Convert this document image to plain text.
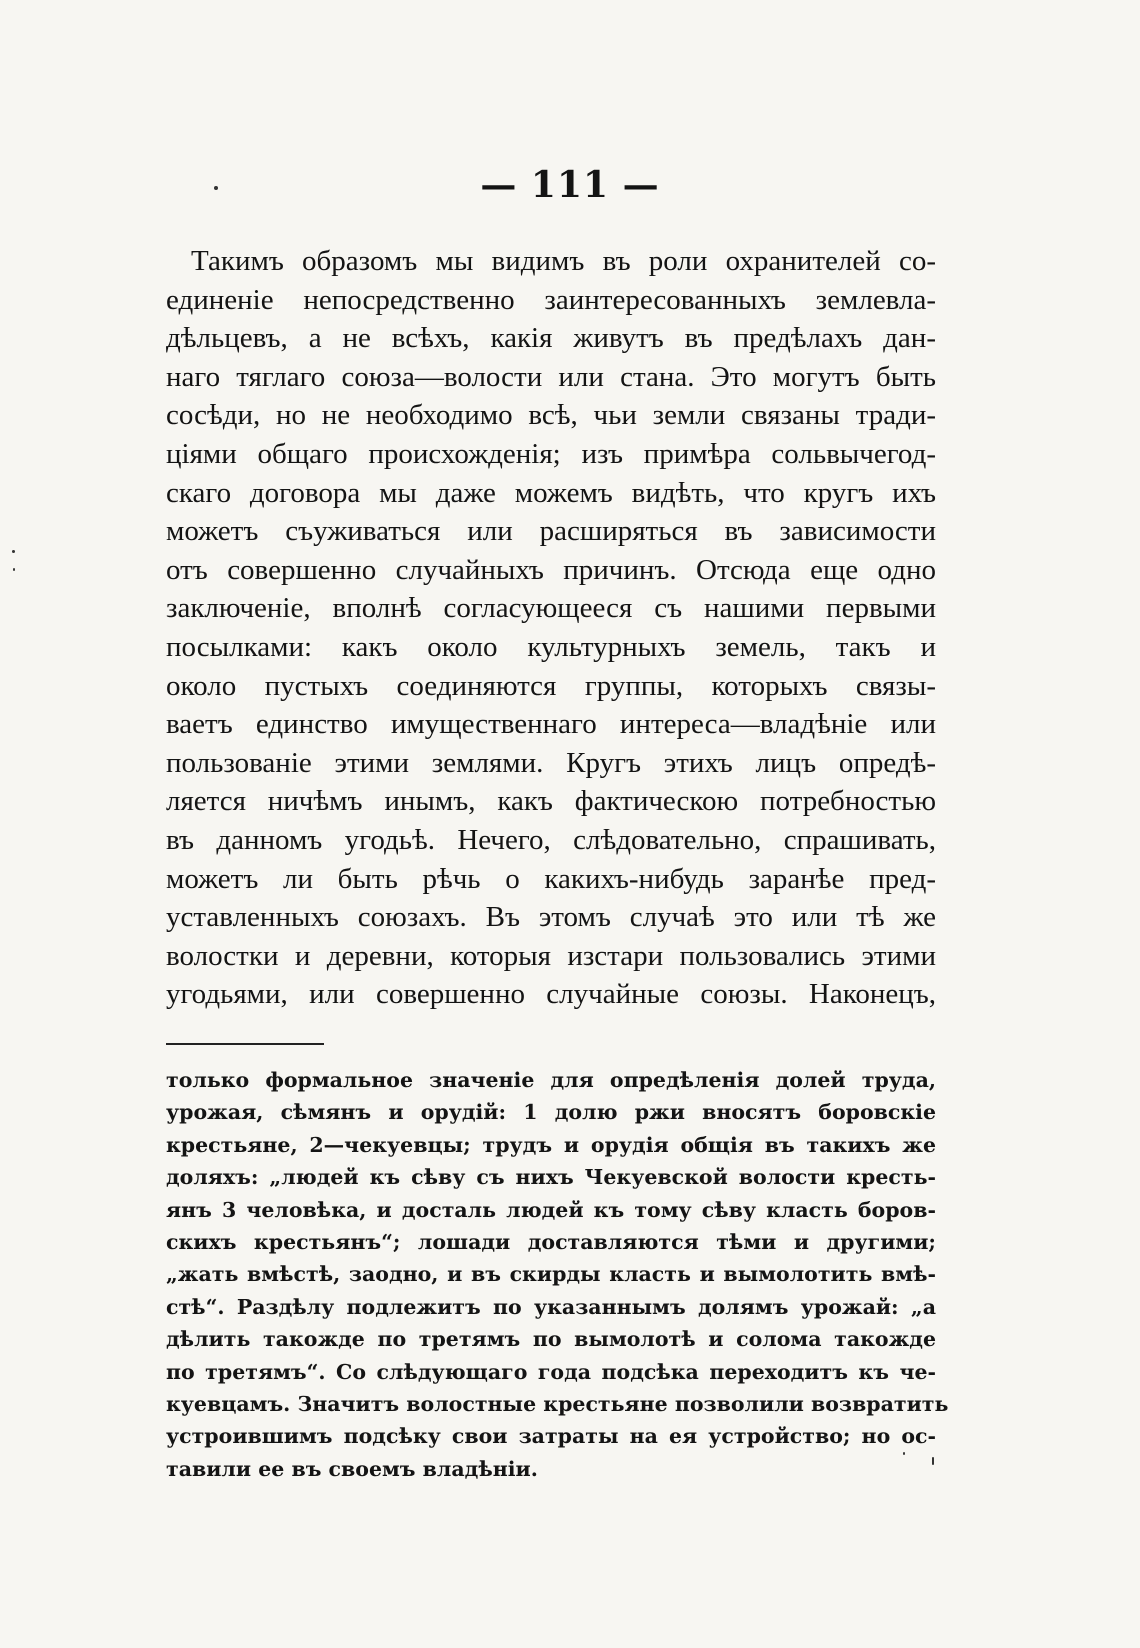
— 111 —
Такимъ образомъ мы видимъ въ роли охранителей со-
единеніе непосредственно заинтересованныхъ землевла-
дѣльцевъ, а не всѣхъ, какія живутъ въ предѣлахъ дан-
наго тяглаго союза—волости или стана. Это могутъ быть
сосѣди, но не необходимо всѣ, чьи земли связаны тради-
ціями общаго происхожденія; изъ примѣра сольвычегод-
скаго договора мы даже можемъ видѣть, что кругъ ихъ
можетъ съуживаться или расширяться въ зависимости
отъ совершенно случайныхъ причинъ. Отсюда еще одно
заключеніе, вполнѣ согласующееся съ нашими первыми
посылками: какъ около культурныхъ земель, такъ и
около пустыхъ соединяются группы, которыхъ связы-
ваетъ единство имущественнаго интереса—владѣніе или
пользованіе этими землями. Кругъ этихъ лицъ опредѣ-
ляется ничѣмъ инымъ, какъ фактическою потребностью
въ данномъ угодьѣ. Нечего, слѣдовательно, спрашивать,
можетъ ли быть рѣчь о какихъ-нибудь заранѣе пред-
уставленныхъ союзахъ. Въ этомъ случаѣ это или тѣ же
волостки и деревни, которыя изстари пользовались этими
угодьями, или совершенно случайные союзы. Наконецъ,
только формальное значеніе для опредѣленія долей труда,
урожая, сѣмянъ и орудій: 1 долю ржи вносятъ боровскіе
крестьяне, 2—чекуевцы; трудъ и орудія общія въ такихъ же
доляхъ: „людей къ сѣву съ нихъ Чекуевской волости кресть-
янъ 3 человѣка, и досталь людей къ тому сѣву класть боров-
скихъ крестьянъ“; лошади доставляются тѣми и другими;
„жать вмѣстѣ, заодно, и въ скирды класть и вымолотить вмѣ-
стѣ“. Раздѣлу подлежитъ по указаннымъ долямъ урожай: „а
дѣлить такожде по третямъ по вымолотѣ и солома такожде
по третямъ“. Со слѣдующаго года подсѣка переходитъ къ че-
куевцамъ. Значитъ волостные крестьяне позволили возвратить
устроившимъ подсѣку свои затраты на ея устройство; но ос-
тавили ее въ своемъ владѣніи.
